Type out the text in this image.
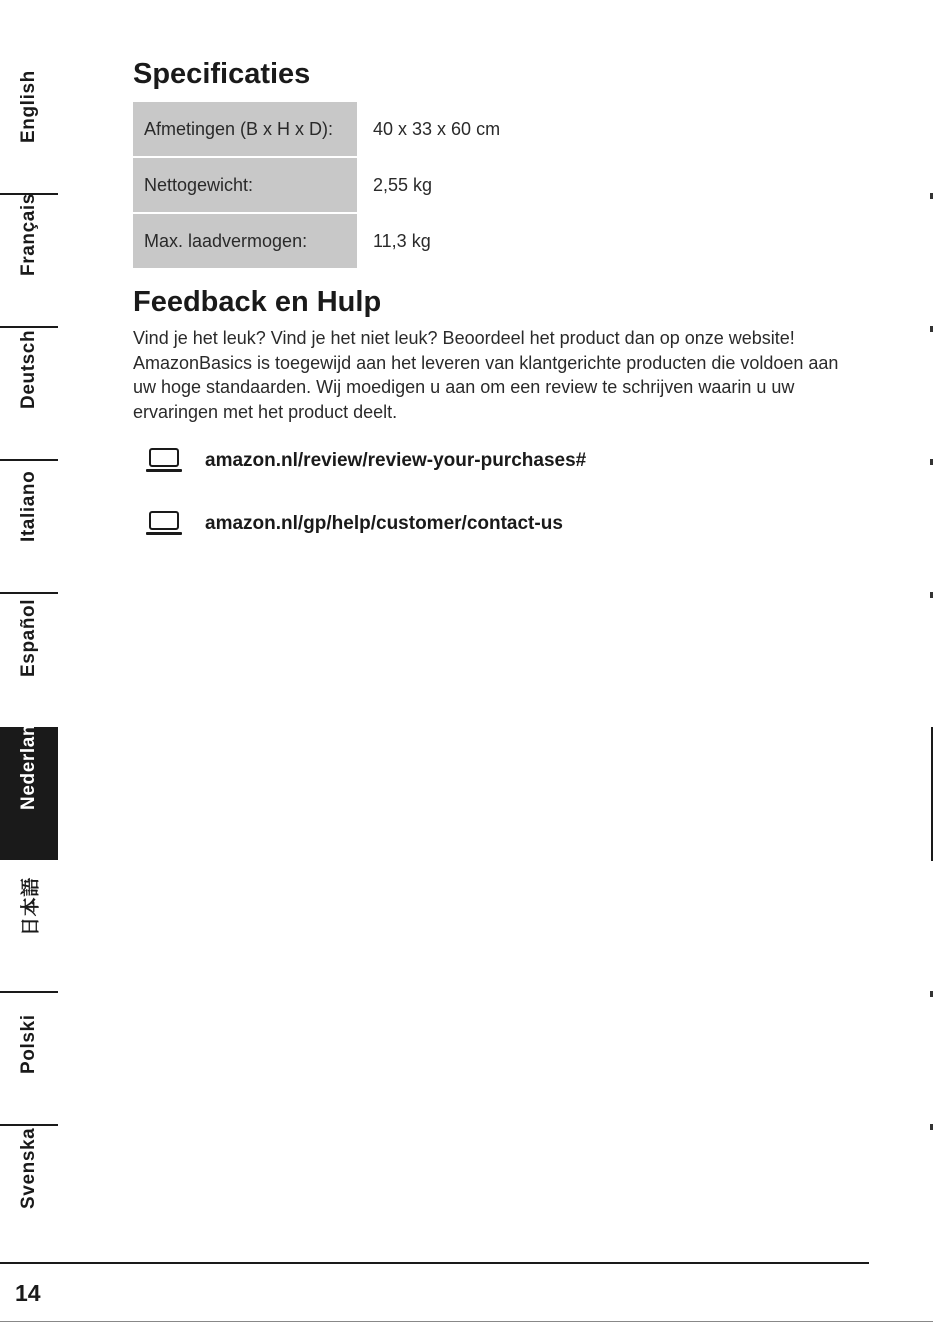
English
Français
Deutsch
Italiano
Español
Nederlands
日本語
Polski
Svenska
Specificaties
Afmetingen (B x H x D):	40 x 33 x 60 cm
Nettogewicht:	2,55 kg
Max. laadvermogen:	11,3 kg
Feedback en Hulp
Vind je het leuk? Vind je het niet leuk? Beoordeel het product dan op onze website! AmazonBasics is toegewijd aan het leveren van klantgerichte producten die voldoen aan uw hoge standaarden. Wij moedigen u aan om een review te schrijven waarin u uw ervaringen met het product deelt.
amazon.nl/review/review-your-purchases#
amazon.nl/gp/help/customer/contact-us
14
